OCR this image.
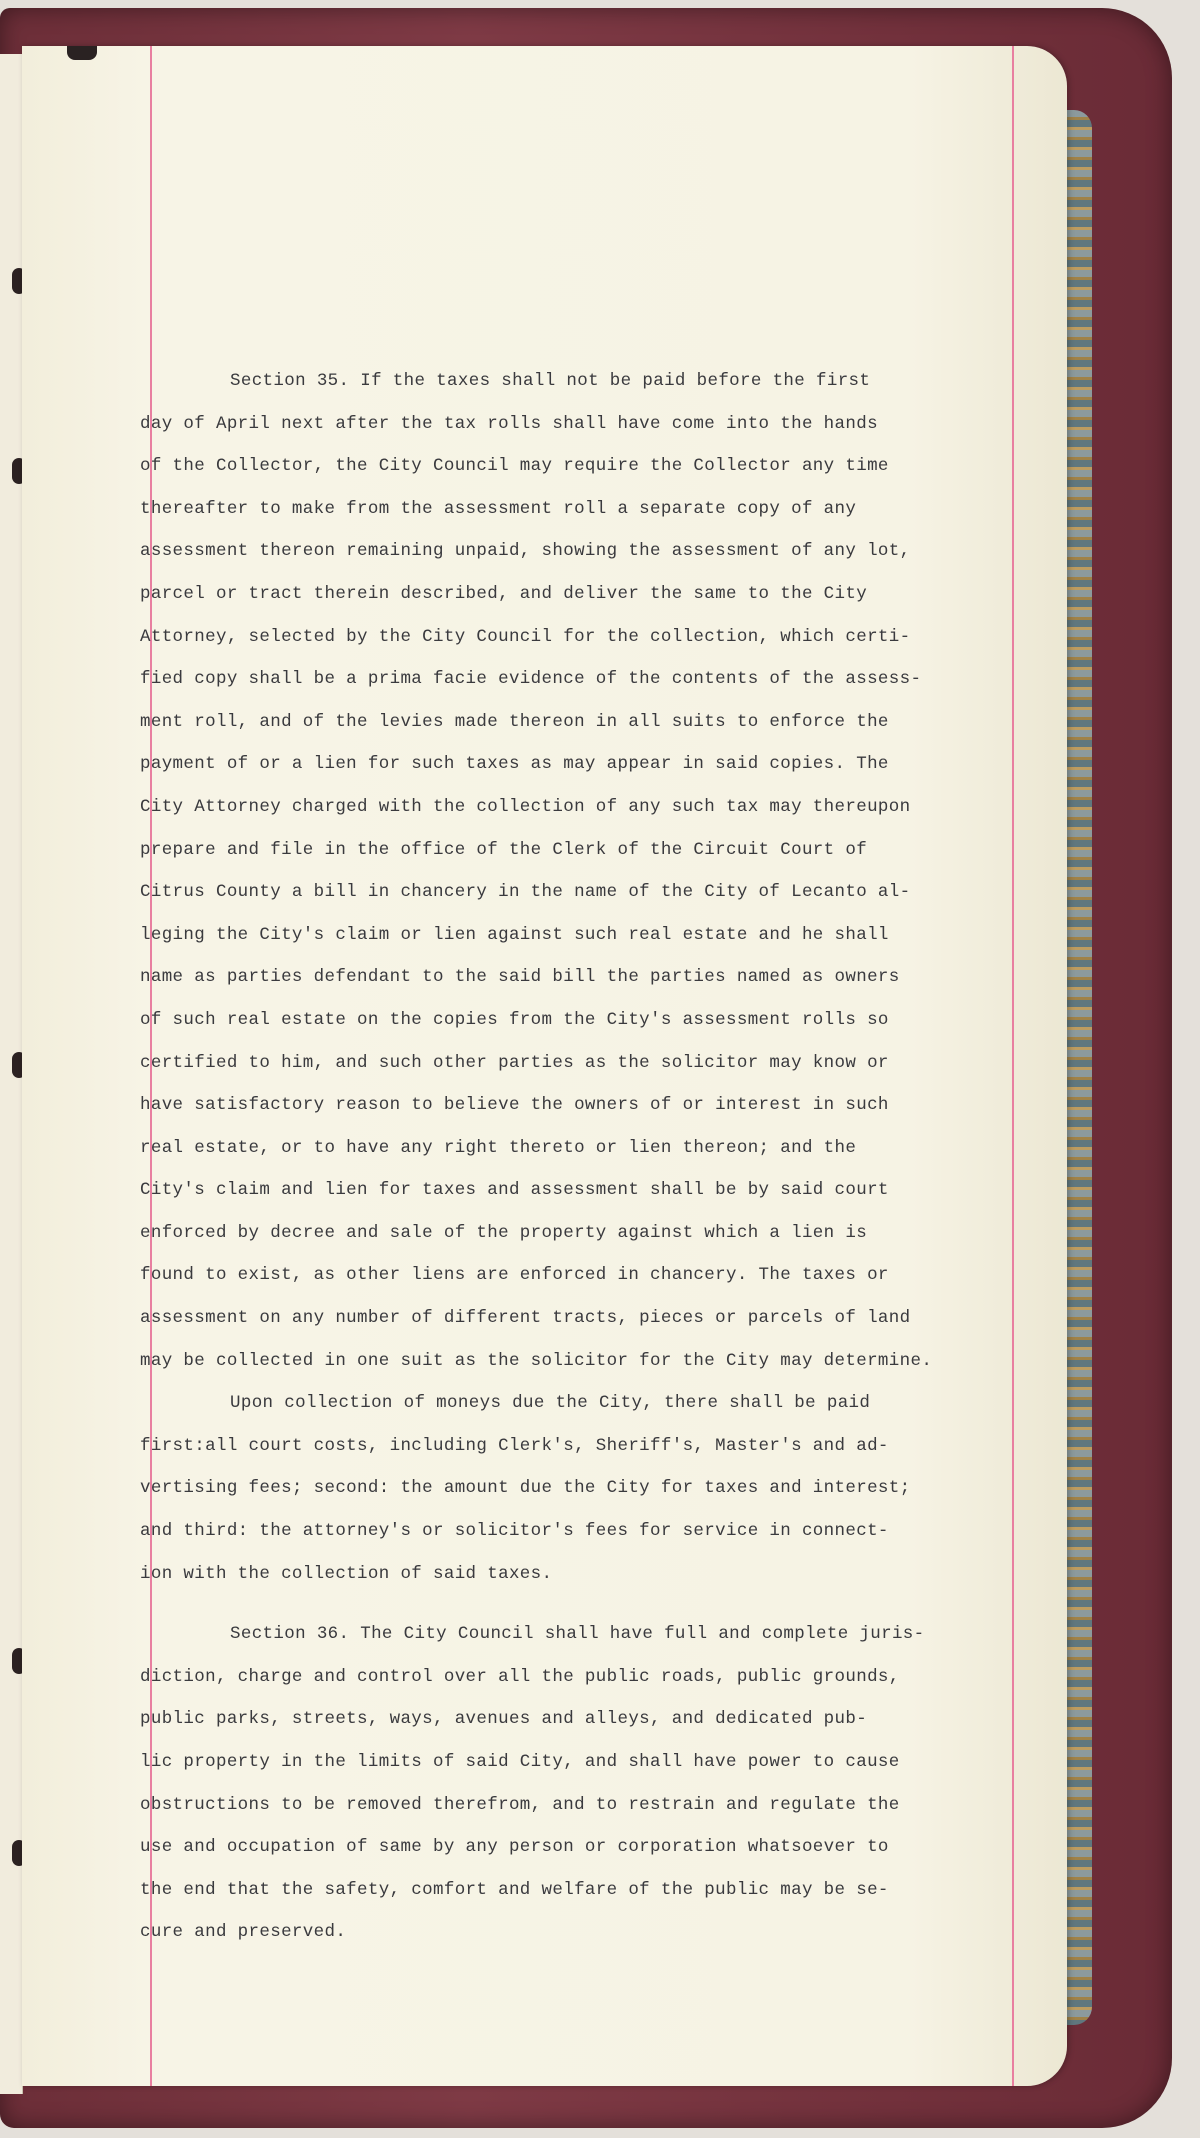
Section 35. If the taxes shall not be paid before the first
day of April next after the tax rolls shall have come into the hands
of the Collector, the City Council may require the Collector any time
thereafter to make from the assessment roll a separate copy of any
assessment thereon remaining unpaid, showing the assessment of any lot,
parcel or tract therein described, and deliver the same to the City
Attorney, selected by the City Council for the collection, which certi-
fied copy shall be a prima facie evidence of the contents of the assess-
ment roll, and of the levies made thereon in all suits to enforce the
payment of or a lien for such taxes as may appear in said copies. The
City Attorney charged with the collection of any such tax may thereupon
prepare and file in the office of the Clerk of the Circuit Court of
Citrus County a bill in chancery in the name of the City of Lecanto al-
leging the City's claim or lien against such real estate and he shall
name as parties defendant to the said bill the parties named as owners
of such real estate on the copies from the City's assessment rolls so
certified to him, and such other parties as the solicitor may know or
have satisfactory reason to believe the owners of or interest in such
real estate, or to have any right thereto or lien thereon; and the
City's claim and lien for taxes and assessment shall be by said court
enforced by decree and sale of the property against which a lien is
found to exist, as other liens are enforced in chancery. The taxes or
assessment on any number of different tracts, pieces or parcels of land
may be collected in one suit as the solicitor for the City may determine.
Upon collection of moneys due the City, there shall be paid
first:all court costs, including Clerk's, Sheriff's, Master's and ad-
vertising fees; second: the amount due the City for taxes and interest;
and third: the attorney's or solicitor's fees for service in connect-
ion with the collection of said taxes.
Section 36. The City Council shall have full and complete juris-
diction, charge and control over all the public roads, public grounds,
public parks, streets, ways, avenues and alleys, and dedicated pub-
lic property in the limits of said City, and shall have power to cause
obstructions to be removed therefrom, and to restrain and regulate the
use and occupation of same by any person or corporation whatsoever to
the end that the safety, comfort and welfare of the public may be se-
cure and preserved.
